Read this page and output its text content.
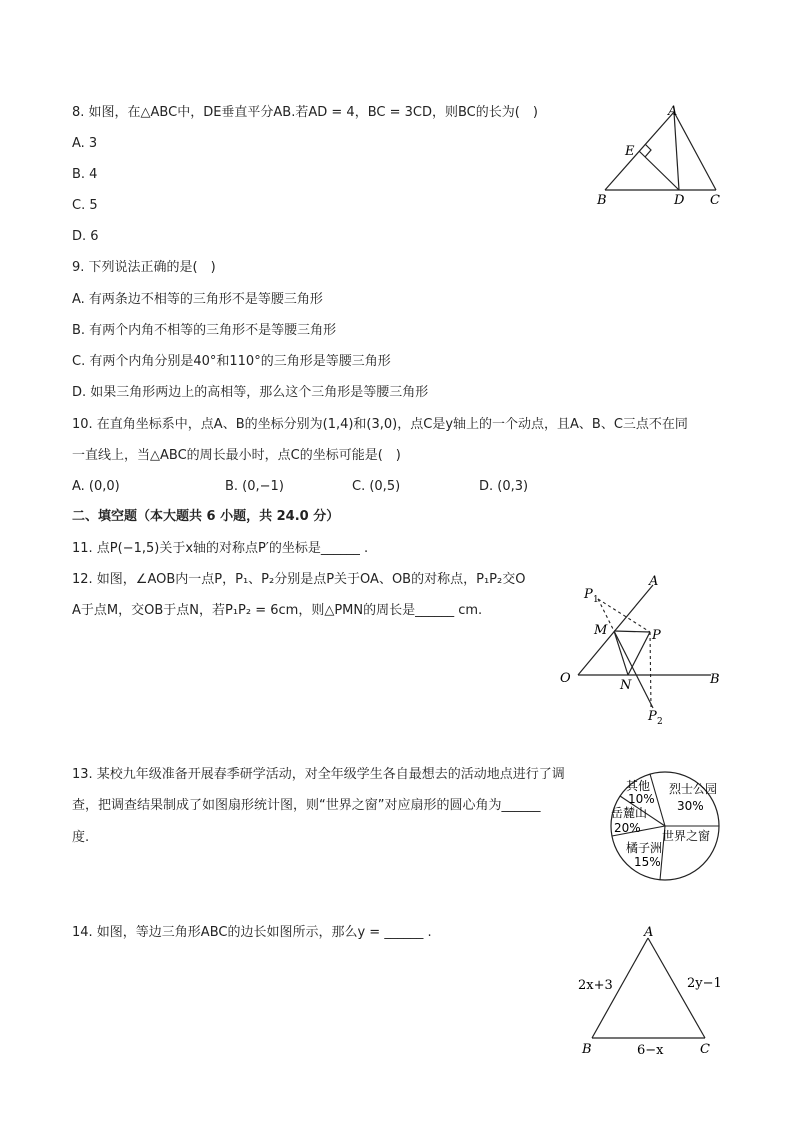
8. 如图，在△ABC中，DE垂直平分AB.若AD = 4，BC = 3CD，则BC的长为(　)
A. 3
B. 4
C. 5
D. 6
A
E
B	D C
9. 下列说法正确的是(　)
A. 有两条边不相等的三角形不是等腰三角形
B. 有两个内角不相等的三角形不是等腰三角形
C. 有两个内角分别是40°和110°的三角形是等腰三角形
D. 如果三角形两边上的高相等，那么这个三角形是等腰三角形
10. 在直角坐标系中，点A、B的坐标分别为(1,4)和(3,0)，点C是y轴上的一个动点，且A、B、C三点不在同
一直线上，当△ABC的周长最小时，点C的坐标可能是(　)
A. (0,0)	B. (0,−1)	C. (0,5)	D. (0,3)
二、填空题（本大题共 6 小题，共 24.0 分）
11. 点P(−1,5)关于x轴的对称点P′的坐标是______ .
12. 如图，∠AOB内一点P，P₁、P₂分别是点P关于OA、OB的对称点，P₁P₂交O
A于点M，交OB于点N，若P₁P₂ = 6cm，则△PMN的周长是______ cm.
P 1
A
M	P
O	N	B
P 2
13. 某校九年级准备开展春季研学活动，对全年级学生各自最想去的活动地点进行了调
查，把调查结果制成了如图扇形统计图，则“世界之窗”对应扇形的圆心角为______
度.
烈士公园
30%
世界之窗
橘子洲
15%
岳麓山
20%
其他
10%
14. 如图，等边三角形ABC的边长如图所示，那么y = ______ .	A
B	C
2x+3	2y−1
6−x
